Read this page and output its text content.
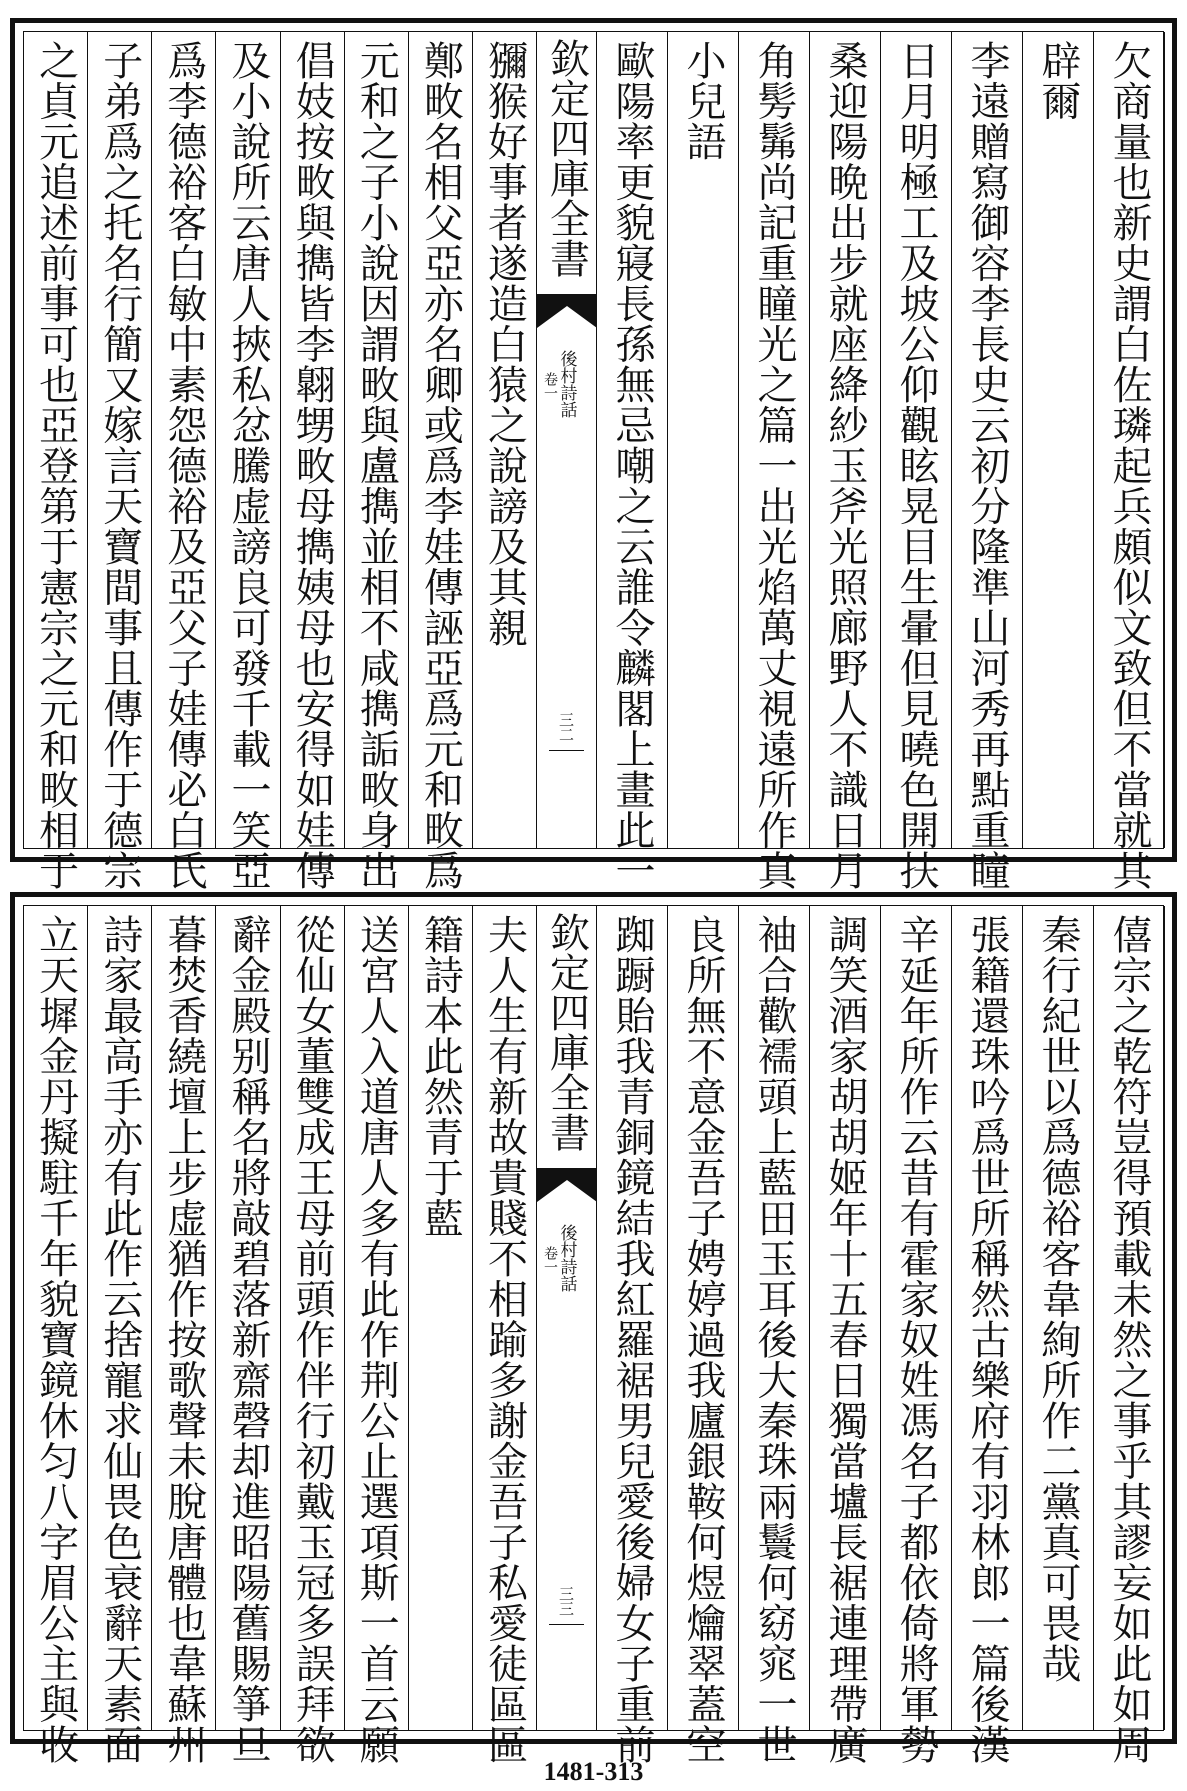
欠商量也新史謂白佐璘起兵頗似文致但不當就其
辟爾
李遠贈寫御容李長史云初分隆準山河秀再點重瞳
日月明極工及坡公仰觀眩晃目生暈但見曉色開扶
桑迎陽晩出步就座絳紗玉斧光照廊野人不識日月
角髣髴尚記重瞳光之篇一出光焰萬丈視遠所作真
小兒語
歐陽率更貌寢長孫無忌嘲之云誰令麟閣上畫此一
欽定四庫全書
後村詩話
卷一
三二
獼猴好事者遂造白猿之說謗及其親
鄭畋名相父亞亦名卿或爲李娃傳誣亞爲元和畋爲
元和之子小說因謂畋與盧擕並相不咸擕詬畋身出
倡妓按畋與擕皆李翺甥畋母擕姨母也安得如娃傳
及小說所云唐人挾私忿騰虚謗良可發千載一笑亞
爲李德裕客白敏中素怨德裕及亞父子娃傳必白氏
子弟爲之托名行簡又嫁言天寶間事且傳作于德宗
之貞元追述前事可也亞登第于憲宗之元和畋相于
僖宗之乾符豈得預載未然之事乎其謬妄如此如周
秦行紀世以爲德裕客韋絢所作二黨真可畏哉
張籍還珠吟爲世所稱然古樂府有羽林郎一篇後漢
辛延年所作云昔有霍家奴姓馮名子都依倚將軍勢
調笑酒家胡胡姬年十五春日獨當壚長裾連理帶廣
袖合歡襦頭上藍田玉耳後大秦珠兩鬟何窈窕一世
良所無不意金吾子娉婷過我廬銀鞍何煜爚翠蓋空
踟蹰貽我青銅鏡結我紅羅裾男兒愛後婦女子重前
欽定四庫全書
後村詩話
卷一
三三
夫人生有新故貴賤不相踰多謝金吾子私愛徒區區
籍詩本此然青于藍
送宮人入道唐人多有此作荆公止選項斯一首云願
從仙女董雙成王母前頭作伴行初戴玉冠多誤拜欲
辭金殿别稱名將敲碧落新齋磬却進昭陽舊賜箏旦
暮焚香繞壇上步虚猶作按歌聲未脫唐體也韋蘇州
詩家最高手亦有此作云捨寵求仙畏色衰辭天素面
立天墀金丹擬駐千年貌寶鏡休匀八字眉公主與收
1481-313
